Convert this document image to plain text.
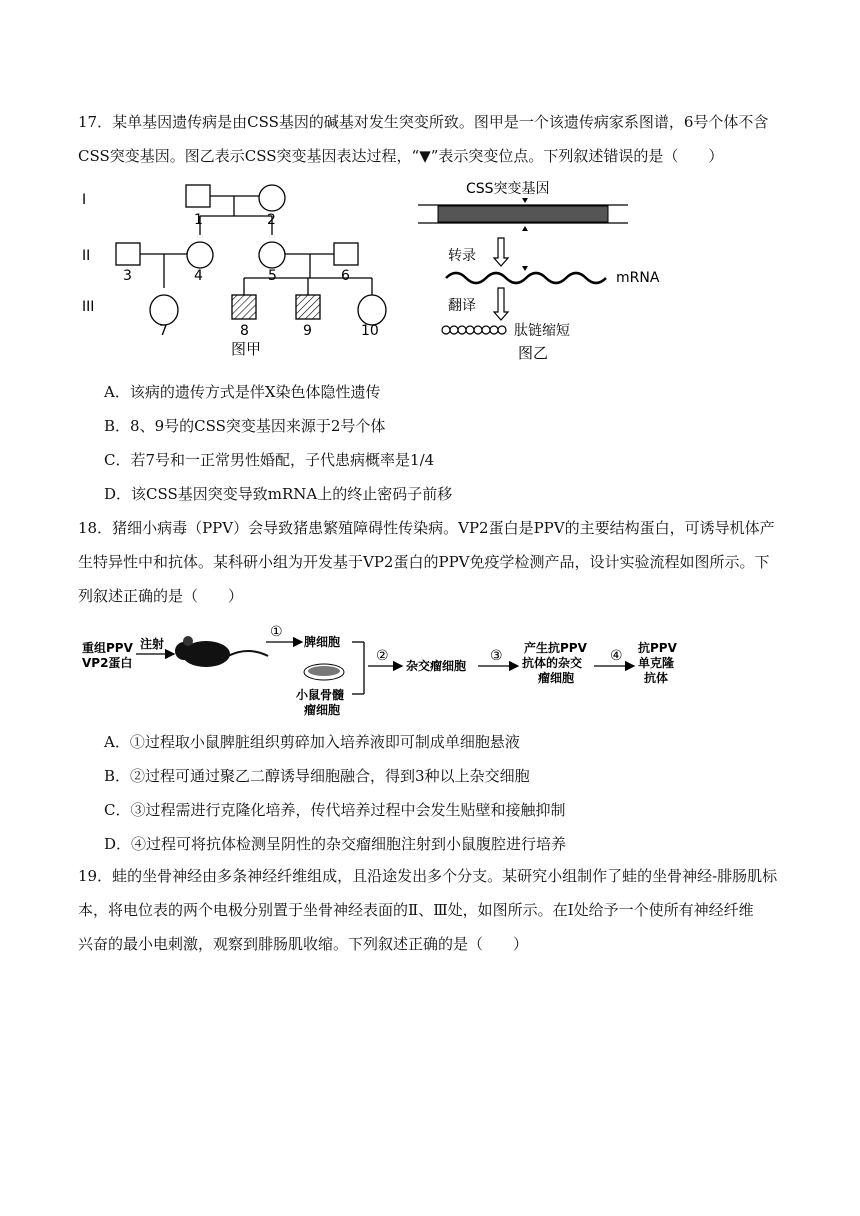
17．某单基因遗传病是由CSS基因的碱基对发生突变所致。图甲是一个该遗传病家系图谱，6号个体不含
CSS突变基因。图乙表示CSS突变基因表达过程，“▼”表示突变位点。下列叙述错误的是（　　）
I
II
III
1	2
3	4	5	6
7	8	9	10
图甲
CSS突变基因
转录
mRNA
翻译
肽链缩短
图乙
A．该病的遗传方式是伴X染色体隐性遗传
B．8、9号的CSS突变基因来源于2号个体
C．若7号和一正常男性婚配，子代患病概率是1/4
D．该CSS基因突变导致mRNA上的终止密码子前移
18．猪细小病毒（PPV）会导致猪患繁殖障碍性传染病。VP2蛋白是PPV的主要结构蛋白，可诱导机体产
生特异性中和抗体。某科研小组为开发基于VP2蛋白的PPV免疫学检测产品，设计实验流程如图所示。下
列叙述正确的是（　　）
重组PPV
VP2蛋白
注射
①
脾细胞
小鼠骨髓
瘤细胞
②
杂交瘤细胞
③ 产生抗PPV
抗体的杂交
瘤细胞
④ 抗PPV
单克隆
抗体
A．①过程取小鼠脾脏组织剪碎加入培养液即可制成单细胞悬液
B．②过程可通过聚乙二醇诱导细胞融合，得到3种以上杂交细胞
C．③过程需进行克隆化培养，传代培养过程中会发生贴壁和接触抑制
D．④过程可将抗体检测呈阴性的杂交瘤细胞注射到小鼠腹腔进行培养
19．蛙的坐骨神经由多条神经纤维组成，且沿途发出多个分支。某研究小组制作了蛙的坐骨神经-腓肠肌标
本，将电位表的两个电极分别置于坐骨神经表面的Ⅱ、Ⅲ处，如图所示。在Ⅰ处给予一个使所有神经纤维
兴奋的最小电刺激，观察到腓肠肌收缩。下列叙述正确的是（　　）
